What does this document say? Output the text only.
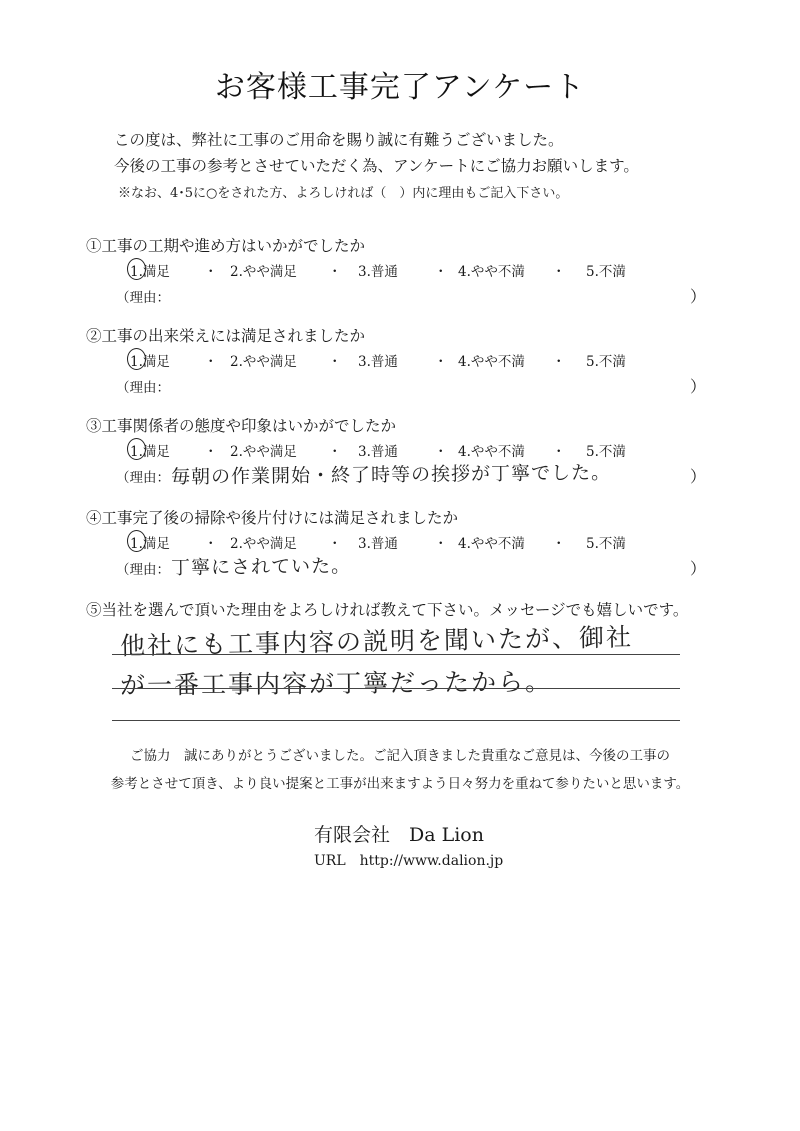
お客様工事完了アンケート
この度は、弊社に工事のご用命を賜り誠に有難うございました。
今後の工事の参考とさせていただく為、アンケートにご協力お願いします。
※なお、4･5に○をされた方、よろしければ（　）内に理由もご記入下さい。
①工事の工期や進め方はいかがでしたか
1.満足	・ 2.やや満足 ・ 3.普通	・ 4.やや不満 ・ 5.不満
（理由：	）
②工事の出来栄えには満足されましたか
1.満足	・ 2.やや満足 ・ 3.普通	・ 4.やや不満 ・ 5.不満
（理由：	）
③工事関係者の態度や印象はいかがでしたか
1.満足	・ 2.やや満足 ・ 3.普通	・ 4.やや不満 ・ 5.不満
（理由： 毎朝の作業開始・終了時等の挨拶が丁寧でした。	）
④工事完了後の掃除や後片付けには満足されましたか
1.満足	・ 2.やや満足 ・ 3.普通	・ 4.やや不満 ・ 5.不満
（理由： 丁寧にされていた。	）
⑤当社を選んで頂いた理由をよろしければ教えて下さい。メッセージでも嬉しいです。
他社にも工事内容の説明を聞いたが、御社
が一番工事内容が丁寧だったから。
ご協力　誠にありがとうございました。ご記入頂きました貴重なご意見は、今後の工事の
参考とさせて頂き、より良い提案と工事が出来ますよう日々努力を重ねて参りたいと思います。
有限会社　Da Lion
URL　http://www.dalion.jp
